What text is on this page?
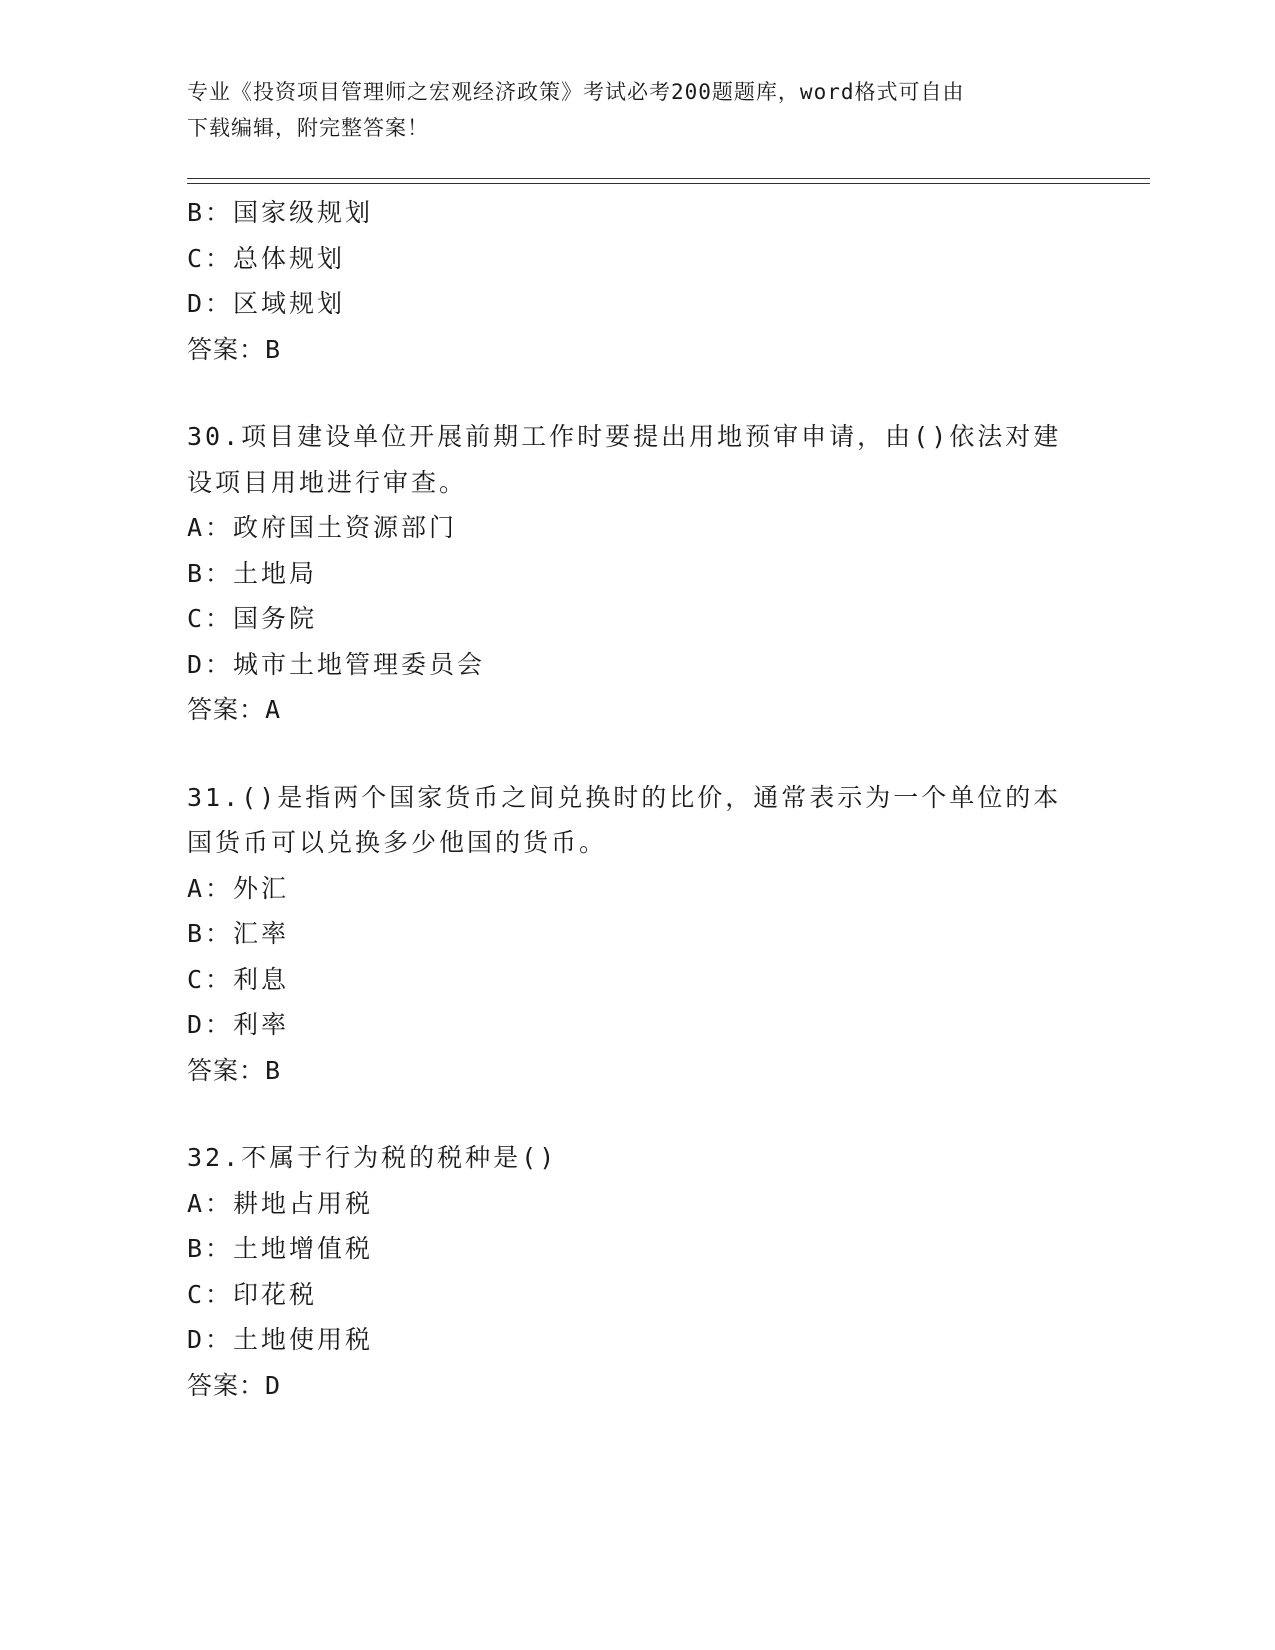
专业《投资项目管理师之宏观经济政策》考试必考200题题库，word格式可自由
下载编辑，附完整答案！
B：国家级规划
C：总体规划
D：区域规划
答案：B
30.项目建设单位开展前期工作时要提出用地预审申请，由()依法对建
设项目用地进行审查。
A：政府国土资源部门
B：土地局
C：国务院
D：城市土地管理委员会
答案：A
31.()是指两个国家货币之间兑换时的比价，通常表示为一个单位的本
国货币可以兑换多少他国的货币。
A：外汇
B：汇率
C：利息
D：利率
答案：B
32.不属于行为税的税种是()
A：耕地占用税
B：土地增值税
C：印花税
D：土地使用税
答案：D
